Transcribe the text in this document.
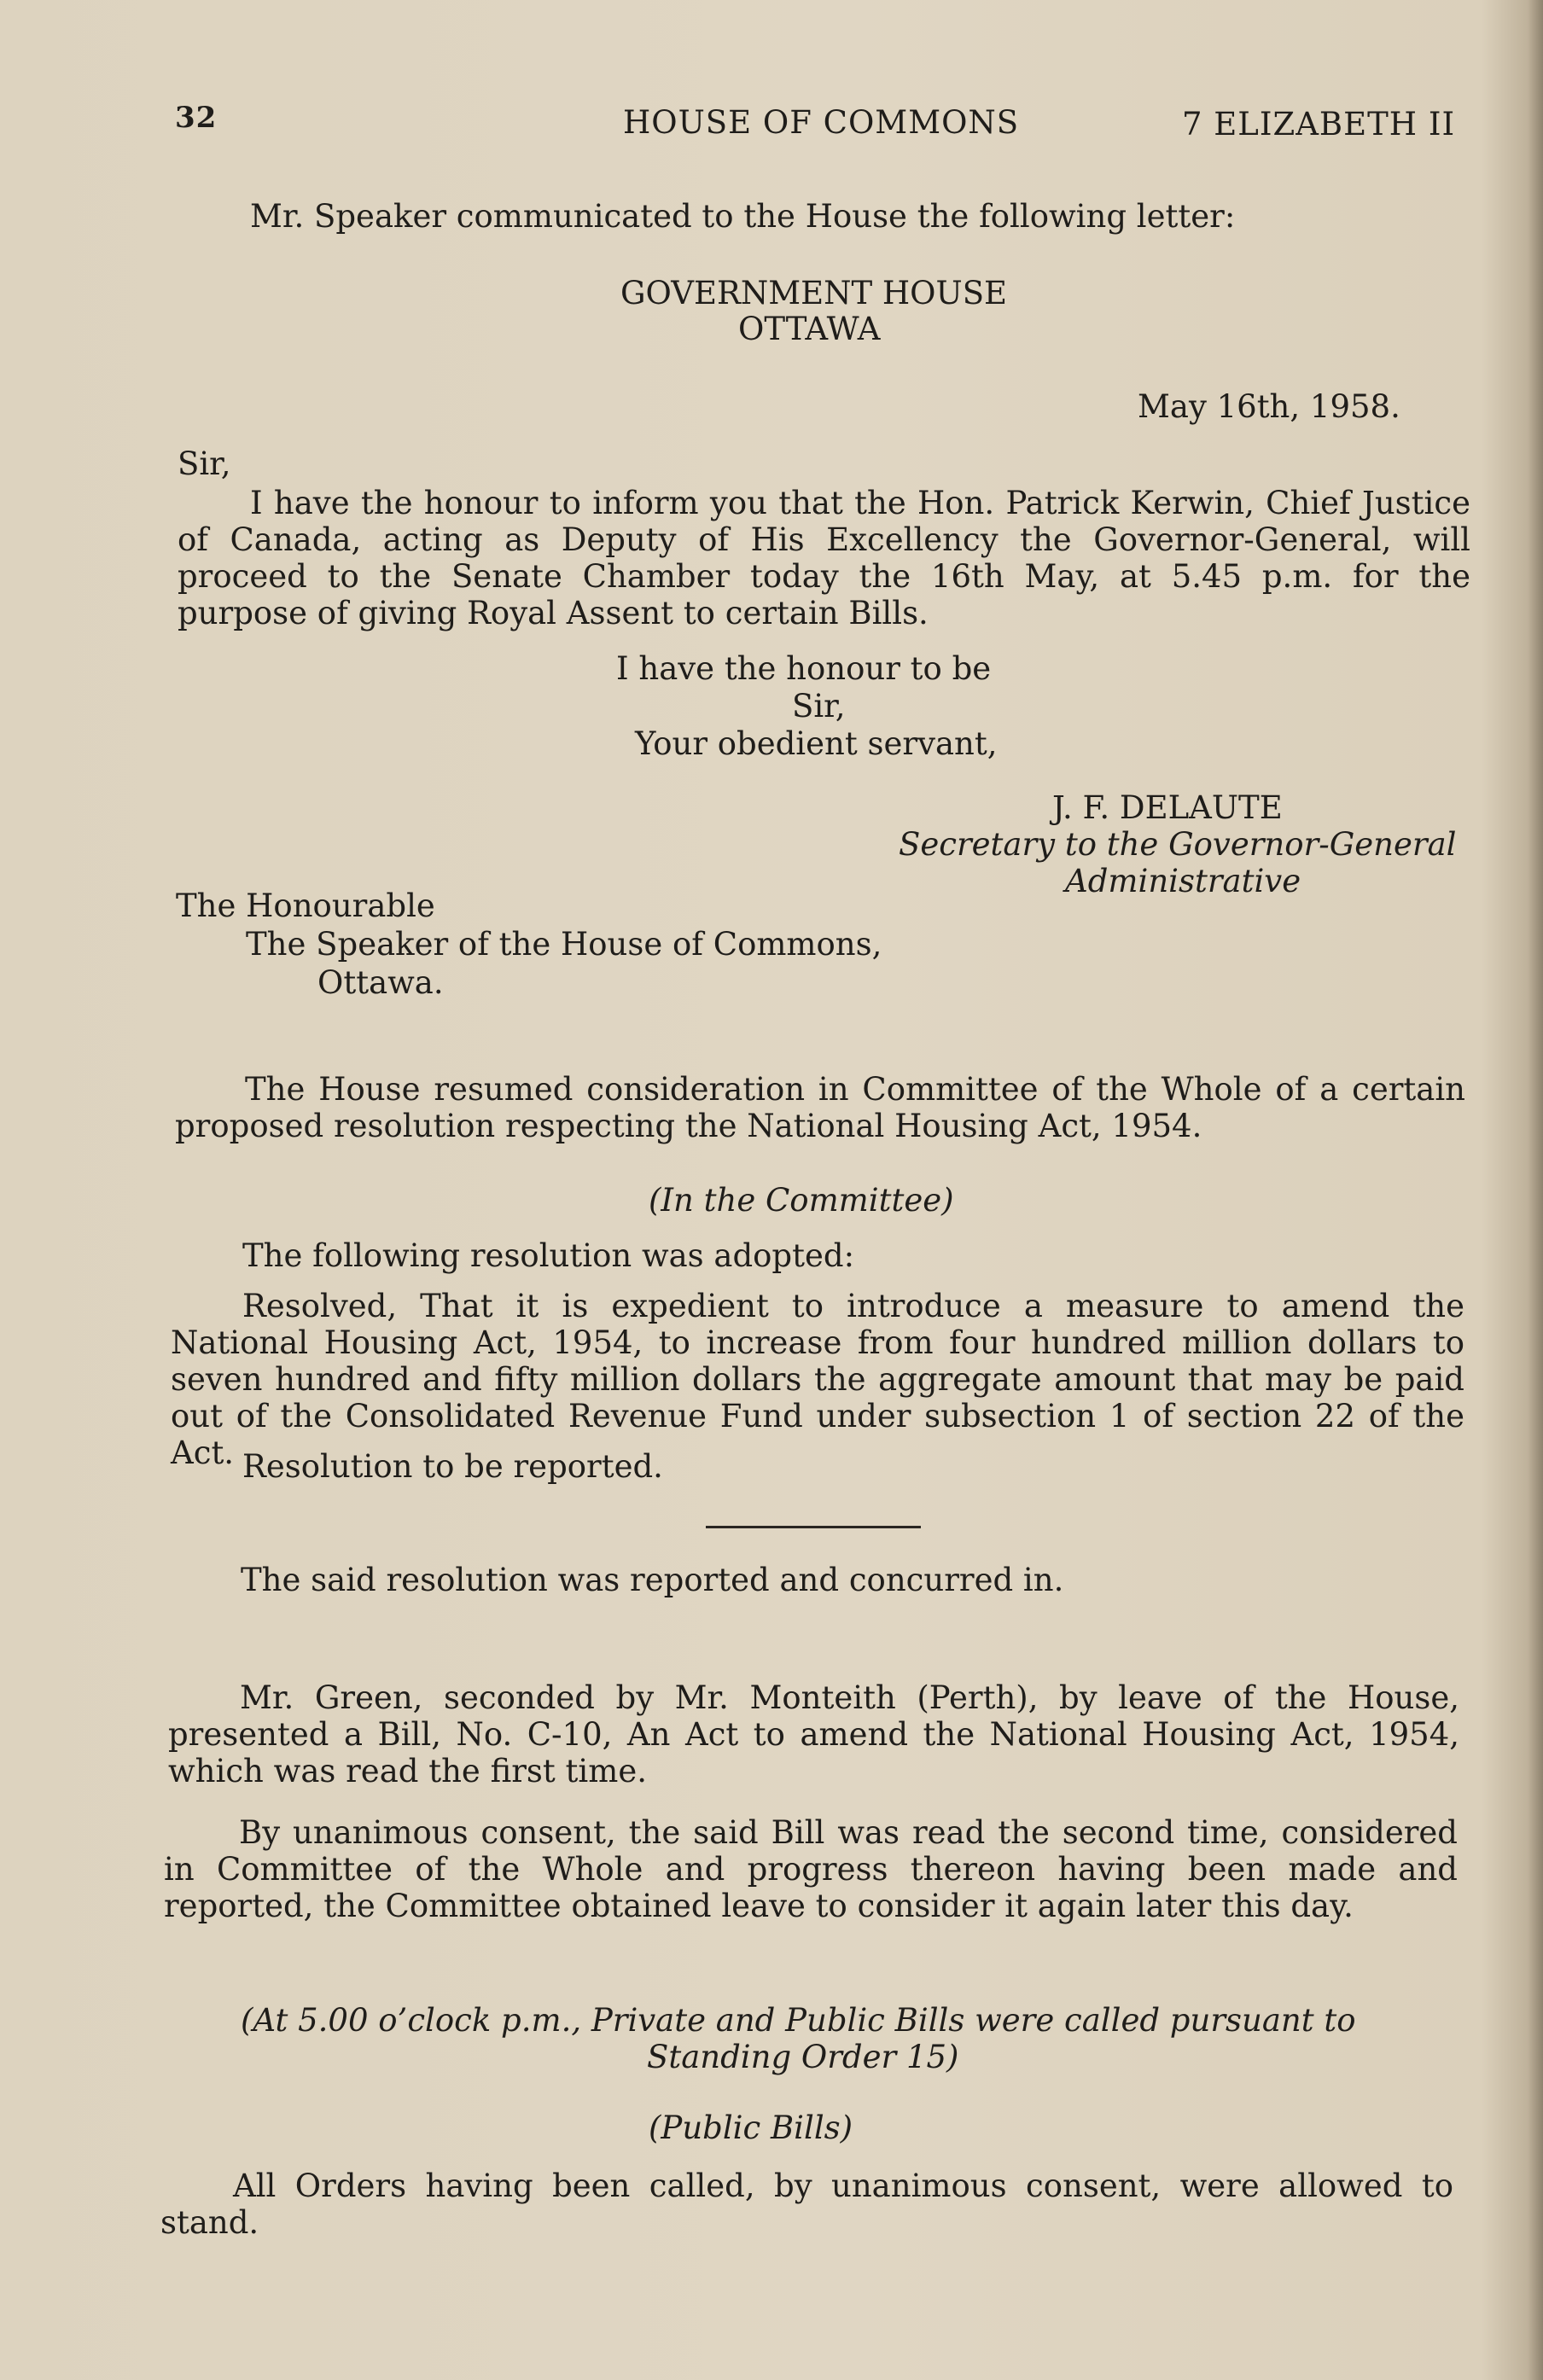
32	HOUSE OF COMMONS	7 ELIZABETH II
Mr. Speaker communicated to the House the following letter:
GOVERNMENT HOUSE
OTTAWA
May 16th, 1958.
Sir,
I have the honour to inform you that the Hon. Patrick Kerwin, Chief Justice of Canada, acting as Deputy of His Excellency the Governor-General, will proceed to the Senate Chamber today the 16th May, at 5.45 p.m. for the purpose of giving Royal Assent to certain Bills.
I have the honour to be
Sir,
Your obedient servant,
J. F. DELAUTE
Secretary to the Governor-General
Administrative
The Honourable
The Speaker of the House of Commons,
Ottawa.
The House resumed consideration in Committee of the Whole of a certain proposed resolution respecting the National Housing Act, 1954.
(In the Committee)
The following resolution was adopted:
Resolved, That it is expedient to introduce a measure to amend the National Housing Act, 1954, to increase from four hundred million dollars to seven hundred and fifty million dollars the aggregate amount that may be paid out of the Consolidated Revenue Fund under subsection 1 of section 22 of the Act. Resolution to be reported.
The said resolution was reported and concurred in.
Mr. Green, seconded by Mr. Monteith (Perth), by leave of the House, presented a Bill, No. C-10, An Act to amend the National Housing Act, 1954, which was read the first time.
By unanimous consent, the said Bill was read the second time, considered in Committee of the Whole and progress thereon having been made and reported, the Committee obtained leave to consider it again later this day.
(At 5.00 o’clock p.m., Private and Public Bills were called pursuant to
Standing Order 15)
(Public Bills)
All Orders having been called, by unanimous consent, were allowed to stand.
